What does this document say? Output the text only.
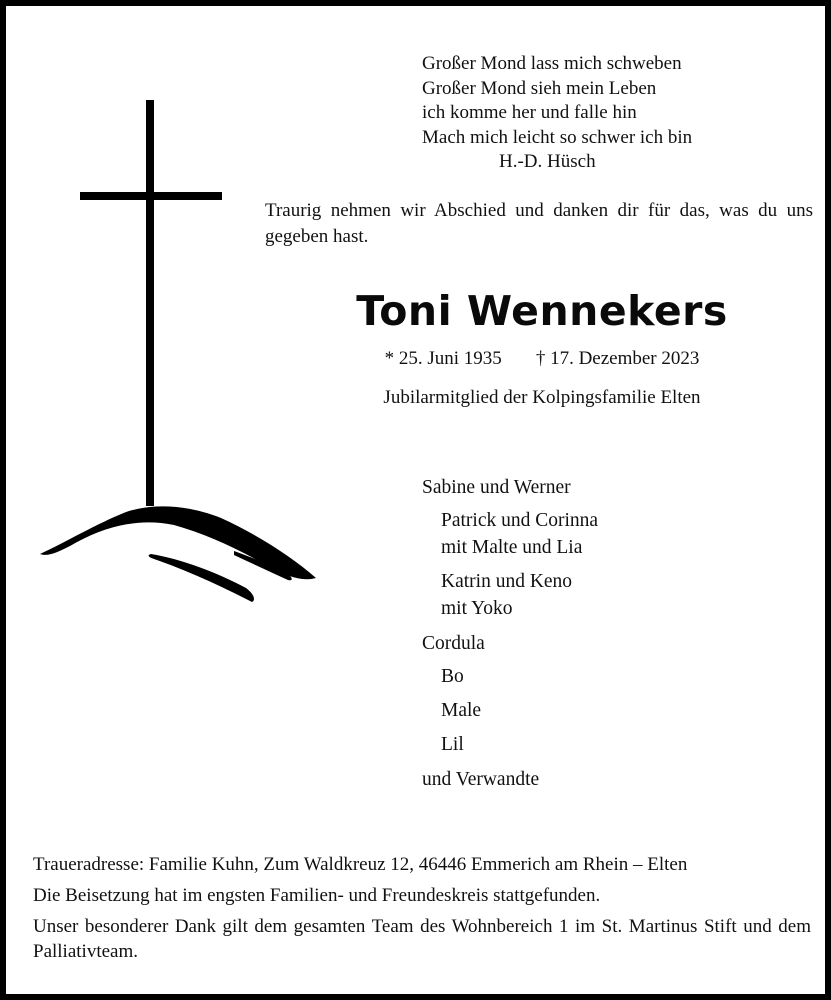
Großer Mond lass mich schweben
Großer Mond sieh mein Leben
ich komme her und falle hin
Mach mich leicht so schwer ich bin
H.-D. Hüsch
Traurig nehmen wir Abschied und danken dir für das, was du uns gegeben hast.
Toni Wennekers
* 25. Juni 1935 † 17. Dezember 2023
Jubilarmitglied der Kolpingsfamilie Elten
Sabine und Werner
Patrick und Corinna
mit Malte und Lia
Katrin und Keno
mit Yoko
Cordula
Bo
Male
Lil
und Verwandte

Traueradresse: Familie Kuhn, Zum Waldkreuz 12, 46446 Emmerich am Rhein – Elten

Die Beisetzung hat im engsten Familien- und Freundeskreis stattgefunden.

Unser besonderer Dank gilt dem gesamten Team des Wohnbereich 1 im St. Martinus Stift und dem Palliativteam.
